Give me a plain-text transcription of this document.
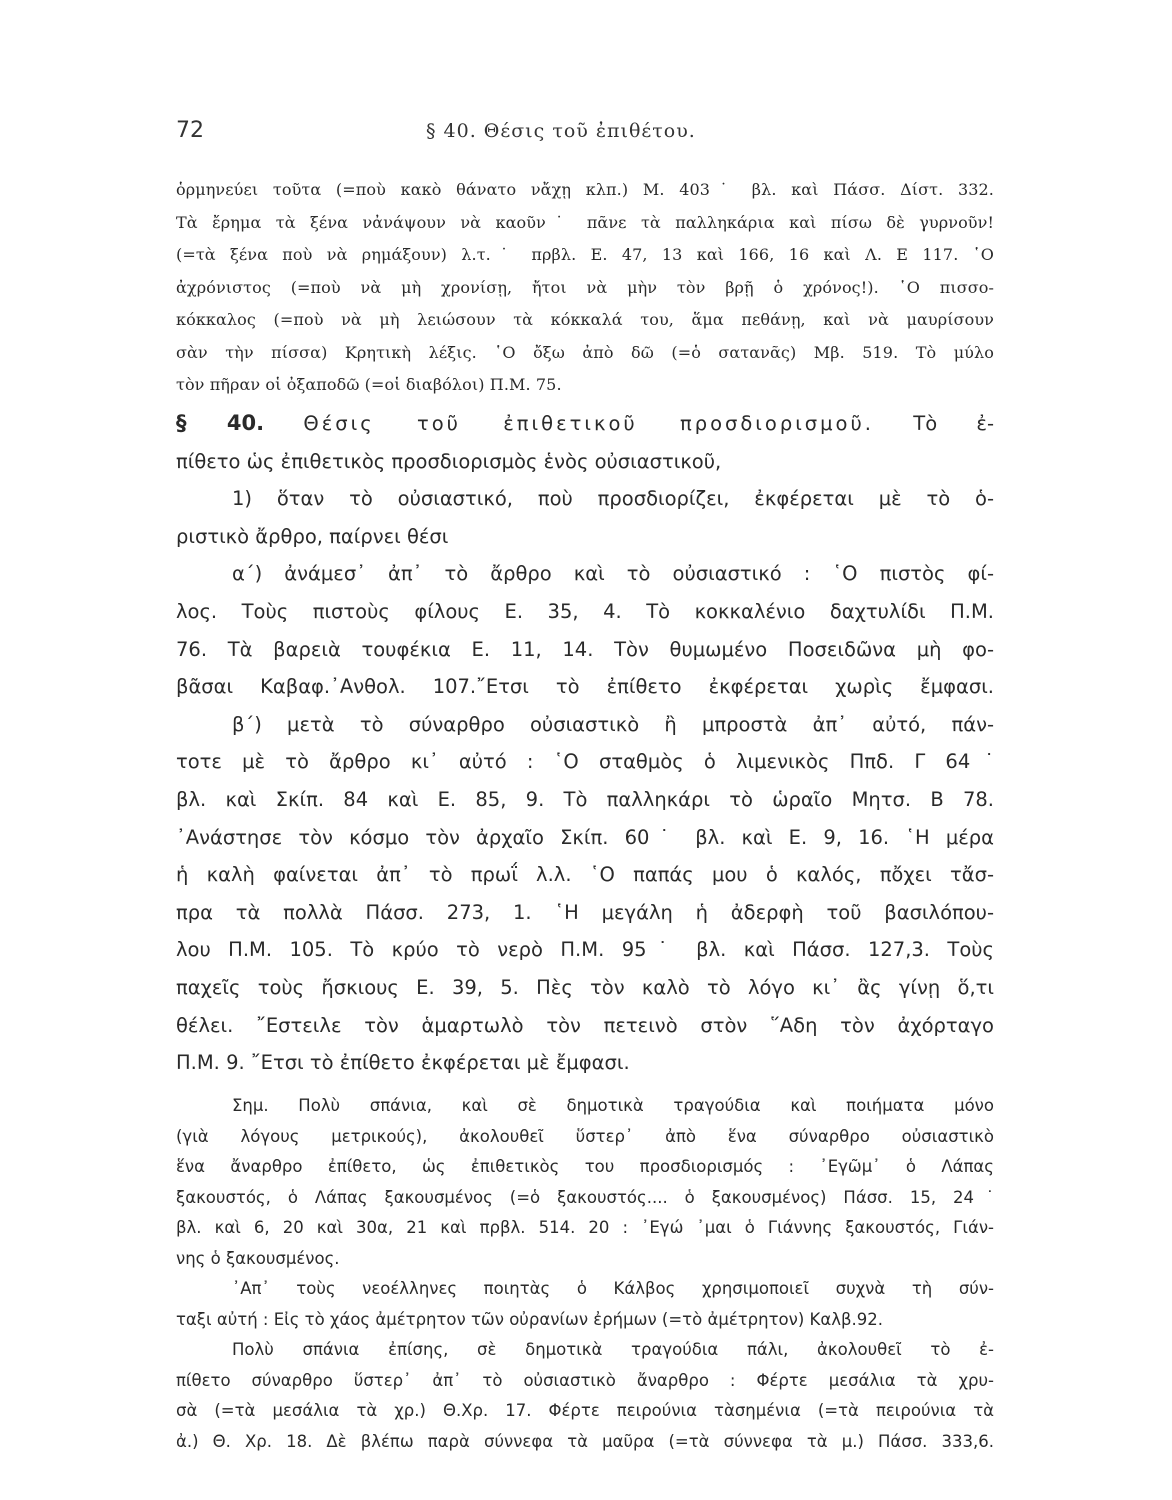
72	§ 40. Θέσις τοῦ ἐπιθέτου.
ὁρμηνεύει τοῦτα (=ποὺ κακὸ θάνατο νἄχῃ κλπ.) Μ. 403˙ βλ. καὶ Πάσσ. Δίστ. 332.
Τὰ ἔρημα τὰ ξένα νἀνάψουν νὰ καοῦν˙ πᾶνε τὰ παλληκάρια καὶ πίσω δὲ γυρνοῦν!
(=τὰ ξένα ποὺ νὰ ρημάξουν) λ.τ.˙ πρβλ. Ε. 47, 13 καὶ 166, 16 καὶ Λ. Ε 117. ῾Ο
ἀχρόνιστος (=ποὺ νὰ μὴ χρονίσῃ, ἤτοι νὰ μὴν τὸν βρῇ ὁ χρόνος!). ῾Ο πισσο-
κόκκαλος (=ποὺ νὰ μὴ λειώσουν τὰ κόκκαλά του, ἅμα πεθάνῃ, καὶ νὰ μαυρίσουν
σὰν τὴν πίσσα) Κρητικὴ λέξις. ῾Ο ὄξω ἀπὸ δῶ (=ὁ σατανᾶς) Μβ. 519. Τὸ μύλο
τὸν πῆραν οἱ ὀξαποδῶ (=οἱ διαβόλοι) Π.Μ. 75.
§ 40. Θέσις τοῦ ἐπιθετικοῦ προσδιορισμοῦ. Τὸ ἐ-
πίθετο ὡς ἐπιθετικὸς προσδιορισμὸς ἑνὸς οὐσιαστικοῦ,
1) ὅταν τὸ οὐσιαστικό, ποὺ προσδιορίζει, ἐκφέρεται μὲ τὸ ὁ-
ριστικὸ ἄρθρο, παίρνει θέσι
α΄) ἀνάμεσ᾽ ἀπ᾽ τὸ ἄρθρο καὶ τὸ οὐσιαστικό : ῾Ο πιστὸς φί-
λος. Τοὺς πιστοὺς φίλους Ε. 35, 4. Τὸ κοκκαλένιο δαχτυλίδι Π.Μ.
76. Τὰ βαρειὰ τουφέκια Ε. 11, 14. Τὸν θυμωμένο Ποσειδῶνα μὴ φο-
βᾶσαι Καβαφ.᾽Ανθολ. 107.῎Ετσι τὸ ἐπίθετο ἐκφέρεται χωρὶς ἔμφασι.
β΄) μετὰ τὸ σύναρθρο οὐσιαστικὸ ἢ μπροστὰ ἀπ᾽ αὐτό, πάν-
τοτε μὲ τὸ ἄρθρο κι᾽ αὐτό : ῾Ο σταθμὸς ὁ λιμενικὸς Ππδ. Γ 64˙
βλ. καὶ Σκίπ. 84 καὶ Ε. 85, 9. Τὸ παλληκάρι τὸ ὡραῖο Μητσ. Β 78.
᾽Ανάστησε τὸν κόσμο τὸν ἀρχαῖο Σκίπ. 60˙ βλ. καὶ Ε. 9, 16. ῾Η μέρα
ἡ καλὴ φαίνεται ἀπ᾽ τὸ πρωΐ λ.λ. ῾Ο παπάς μου ὁ καλός, πὄχει τἄσ-
πρα τὰ πολλὰ Πάσσ. 273, 1. ῾Η μεγάλη ἡ ἀδερφὴ τοῦ βασιλόπου-
λου Π.Μ. 105. Τὸ κρύο τὸ νερὸ Π.Μ. 95˙ βλ. καὶ Πάσσ. 127,3. Τοὺς
παχεῖς τοὺς ἤσκιους Ε. 39, 5. Πὲς τὸν καλὸ τὸ λόγο κι᾽ ἂς γίνῃ ὅ,τι
θέλει. ῎Εστειλε τὸν ἁμαρτωλὸ τὸν πετεινὸ στὸν ῞Αδη τὸν ἀχόρταγο
Π.Μ. 9. ῎Ετσι τὸ ἐπίθετο ἐκφέρεται μὲ ἔμφασι.
Σημ. Πολὺ σπάνια, καὶ σὲ δημοτικὰ τραγούδια καὶ ποιήματα μόνο
(γιὰ λόγους μετρικούς), ἀκολουθεῖ ὕστερ᾽ ἀπὸ ἕνα σύναρθρο οὐσιαστικὸ
ἕνα ἄναρθρο ἐπίθετο, ὡς ἐπιθετικὸς του προσδιορισμός : ᾽Εγῶμ᾽ ὁ Λάπας
ξακουστός, ὁ Λάπας ξακουσμένος (=ὁ ξακουστός.... ὁ ξακουσμένος) Πάσσ. 15, 24˙
βλ. καὶ 6, 20 καὶ 30α, 21 καὶ πρβλ. 514. 20 : ᾽Εγώ ᾽μαι ὁ Γιάννης ξακουστός, Γιάν-
νης ὁ ξακουσμένος.
᾽Απ᾽ τοὺς νεοέλληνες ποιητὰς ὁ Κάλβος χρησιμοποιεῖ συχνὰ τὴ σύν-
ταξι αὐτή : Εἰς τὸ χάος ἀμέτρητον τῶν οὐρανίων ἐρήμων (=τὸ ἀμέτρητον) Καλβ.92.
Πολὺ σπάνια ἐπίσης, σὲ δημοτικὰ τραγούδια πάλι, ἀκολουθεῖ τὸ ἐ-
πίθετο σύναρθρο ὕστερ᾽ ἀπ᾽ τὸ οὐσιαστικὸ ἄναρθρο : Φέρτε μεσάλια τὰ χρυ-
σὰ (=τὰ μεσάλια τὰ χρ.) Θ.Χρ. 17. Φέρτε πειρούνια τὰσημένια (=τὰ πειρούνια τὰ
ἀ.) Θ. Χρ. 18. Δὲ βλέπω παρὰ σύννεφα τὰ μαῦρα (=τὰ σύννεφα τὰ μ.) Πάσσ. 333,6.
